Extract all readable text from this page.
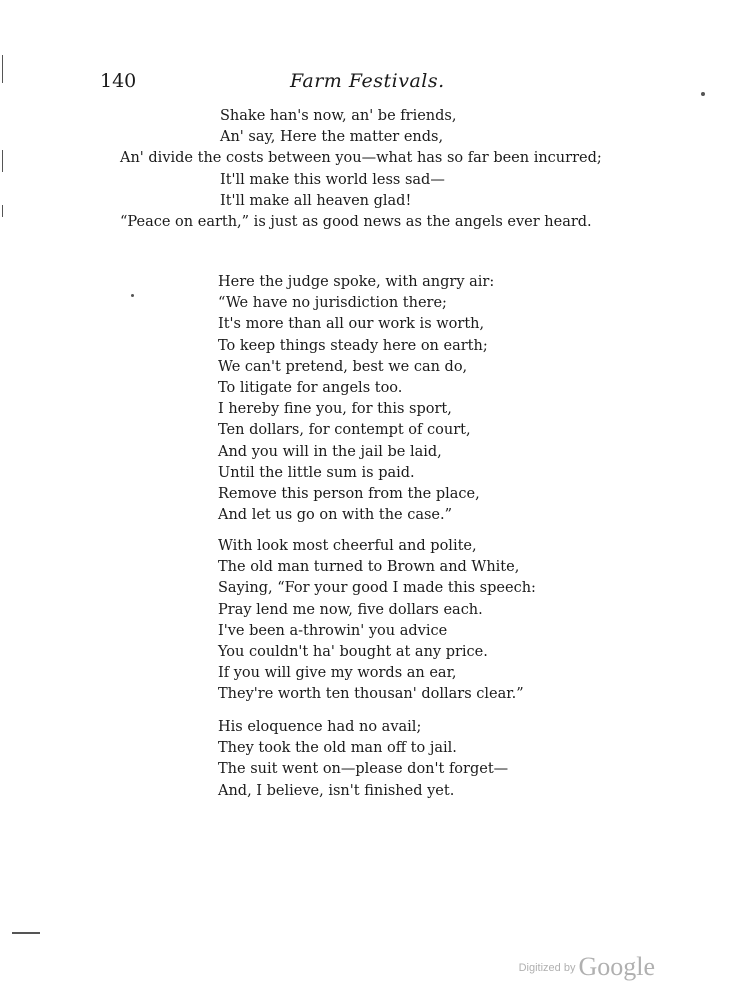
140	Farm Festivals.
Shake han's now, an' be friends,
An' say, Here the matter ends,
An' divide the costs between you—what has so far been incurred;
It'll make this world less sad—
It'll make all heaven glad!
“Peace on earth,” is just as good news as the angels ever heard.
Here the judge spoke, with angry air:
“We have no jurisdiction there;
It's more than all our work is worth,
To keep things steady here on earth;
We can't pretend, best we can do,
To litigate for angels too.
I hereby fine you, for this sport,
Ten dollars, for contempt of court,
And you will in the jail be laid,
Until the little sum is paid.
Remove this person from the place,
And let us go on with the case.”
With look most cheerful and polite,
The old man turned to Brown and White,
Saying, “For your good I made this speech:
Pray lend me now, five dollars each.
I've been a-throwin' you advice
You couldn't ha' bought at any price.
If you will give my words an ear,
They're worth ten thousan' dollars clear.”
His eloquence had no avail;
They took the old man off to jail.
The suit went on—please don't forget—
And, I believe, isn't finished yet.
$^{Digitized by}$ Google
